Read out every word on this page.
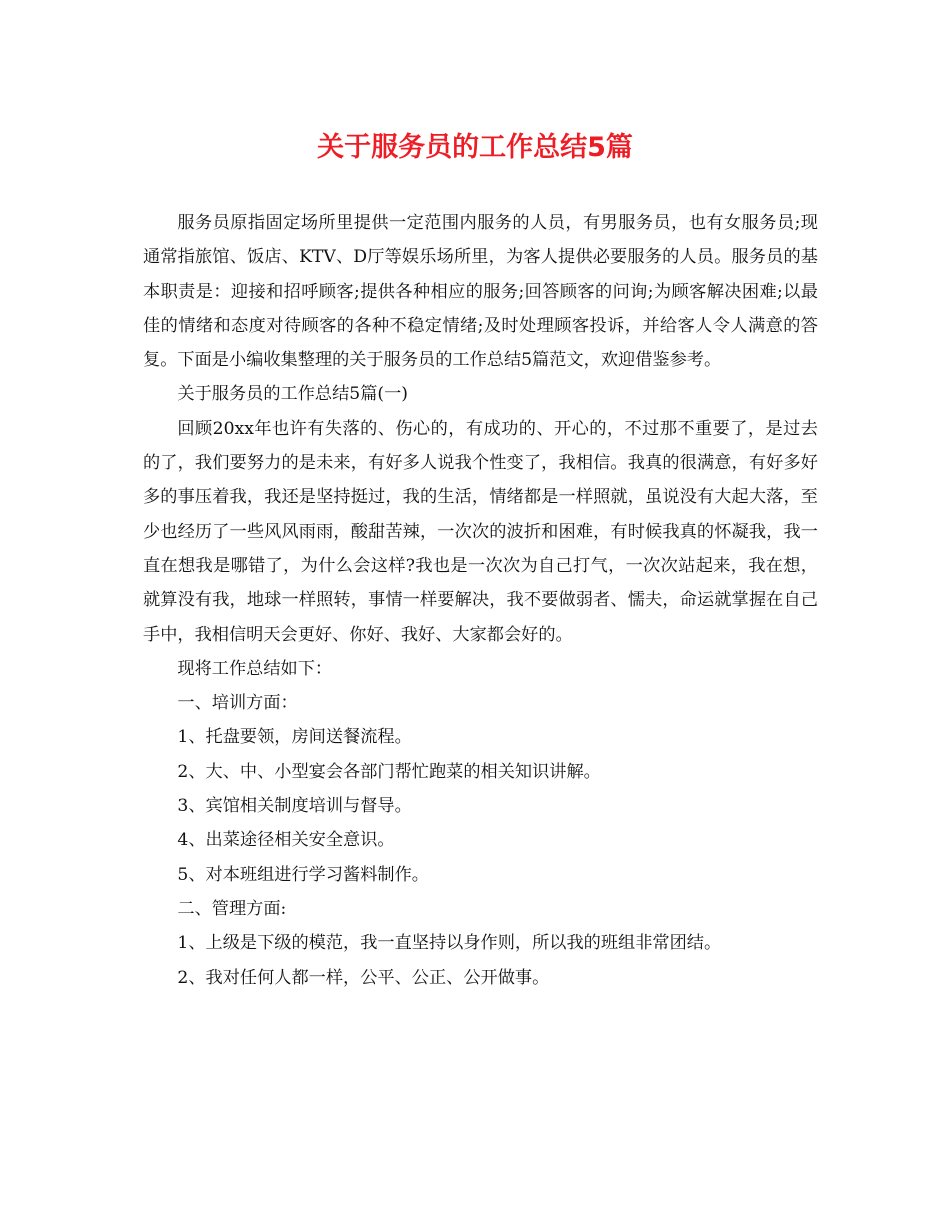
关于服务员的工作总结5篇

服务员原指固定场所里提供一定范围内服务的人员，有男服务员，也有女服务员;现通常指旅馆、饭店、KTV、D厅等娱乐场所里，为客人提供必要服务的人员。服务员的基本职责是：迎接和招呼顾客;提供各种相应的服务;回答顾客的问询;为顾客解决困难;以最佳的情绪和态度对待顾客的各种不稳定情绪;及时处理顾客投诉，并给客人令人满意的答复。下面是小编收集整理的关于服务员的工作总结5篇范文，欢迎借鉴参考。

关于服务员的工作总结5篇(一)

回顾20xx年也许有失落的、伤心的，有成功的、开心的，不过那不重要了，是过去的了，我们要努力的是未来，有好多人说我个性变了，我相信。我真的很满意，有好多好多的事压着我，我还是坚持挺过，我的生活，情绪都是一样照就，虽说没有大起大落，至少也经历了一些风风雨雨，酸甜苦辣，一次次的波折和困难，有时候我真的怀凝我，我一直在想我是哪错了，为什么会这样?我也是一次次为自己打气，一次次站起来，我在想，就算没有我，地球一样照转，事情一样要解决，我不要做弱者、懦夫，命运就掌握在自己手中，我相信明天会更好、你好、我好、大家都会好的。

现将工作总结如下：

一、培训方面：

1、托盘要领，房间送餐流程。

2、大、中、小型宴会各部门帮忙跑菜的相关知识讲解。

3、宾馆相关制度培训与督导。

4、出菜途径相关安全意识。

5、对本班组进行学习酱料制作。

二、管理方面:

1、上级是下级的模范，我一直坚持以身作则，所以我的班组非常团结。

2、我对任何人都一样，公平、公正、公开做事。
